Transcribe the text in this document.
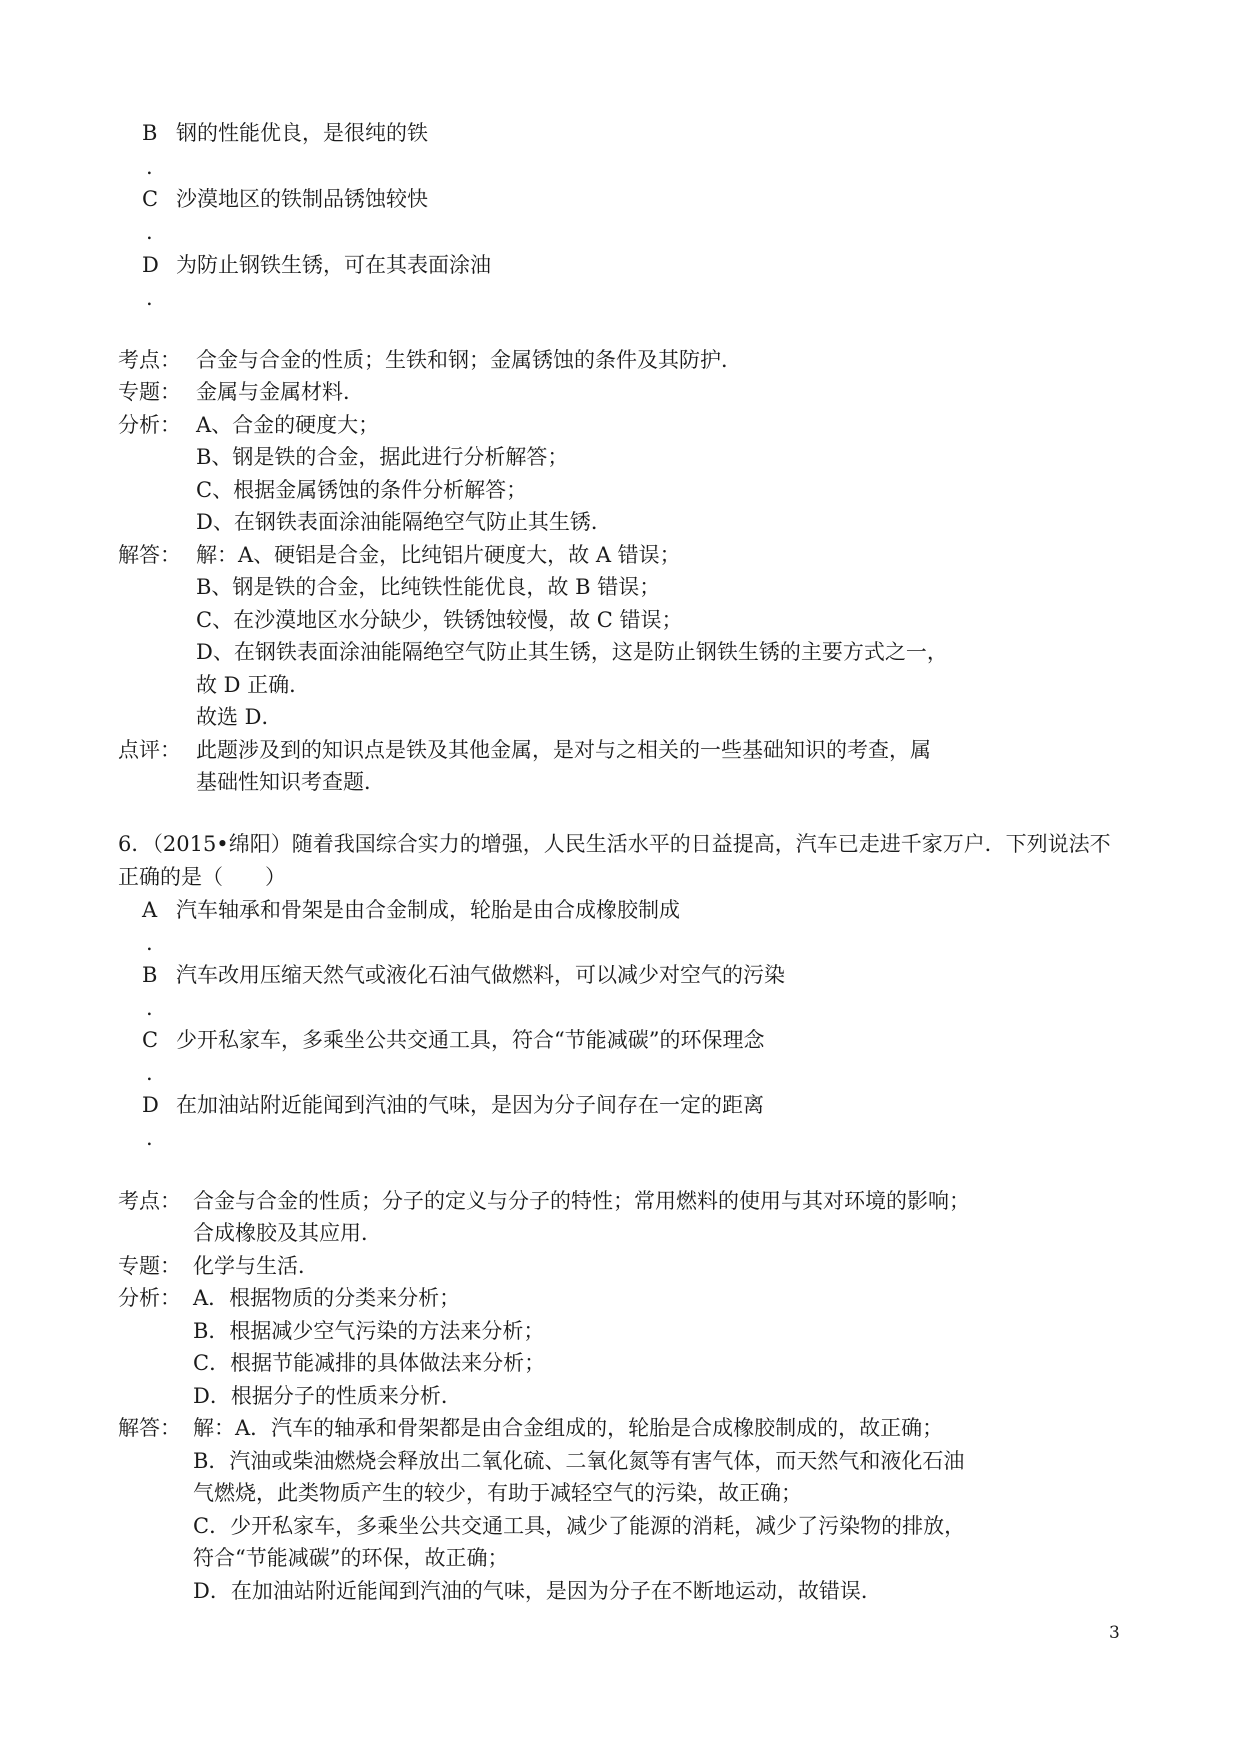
B 钢的性能优良，是很纯的铁
.
C 沙漠地区的铁制品锈蚀较快
.
D 为防止钢铁生锈，可在其表面涂油
.
考点： 合金与合金的性质；生铁和钢；金属锈蚀的条件及其防护．
专题： 金属与金属材料．
分析： A、合金的硬度大；
B、钢是铁的合金，据此进行分析解答；
C、根据金属锈蚀的条件分析解答；
D、在钢铁表面涂油能隔绝空气防止其生锈．
解答： 解：A、硬铝是合金，比纯铝片硬度大，故 A 错误；
B、钢是铁的合金，比纯铁性能优良，故 B 错误；
C、在沙漠地区水分缺少，铁锈蚀较慢，故 C 错误；
D、在钢铁表面涂油能隔绝空气防止其生锈，这是防止钢铁生锈的主要方式之一，
故 D 正确．
故选 D．
点评： 此题涉及到的知识点是铁及其他金属，是对与之相关的一些基础知识的考查，属
基础性知识考查题．
6．（2015•绵阳）随着我国综合实力的增强，人民生活水平的日益提高，汽车已走进千家万户．下列说法不
正确的是（　　）
A 汽车轴承和骨架是由合金制成，轮胎是由合成橡胶制成
.
B 汽车改用压缩天然气或液化石油气做燃料，可以减少对空气的污染
.
C 少开私家车，多乘坐公共交通工具，符合“节能减碳”的环保理念
.
D 在加油站附近能闻到汽油的气味，是因为分子间存在一定的距离
.
考点： 合金与合金的性质；分子的定义与分子的特性；常用燃料的使用与其对环境的影响；
合成橡胶及其应用．
专题： 化学与生活．
分析： A．根据物质的分类来分析；
B．根据减少空气污染的方法来分析；
C．根据节能减排的具体做法来分析；
D．根据分子的性质来分析．
解答： 解：A．汽车的轴承和骨架都是由合金组成的，轮胎是合成橡胶制成的，故正确；
B．汽油或柴油燃烧会释放出二氧化硫、二氧化氮等有害气体，而天然气和液化石油
气燃烧，此类物质产生的较少，有助于减轻空气的污染，故正确；
C．少开私家车，多乘坐公共交通工具，减少了能源的消耗，减少了污染物的排放，
符合“节能减碳”的环保，故正确；
D．在加油站附近能闻到汽油的气味，是因为分子在不断地运动，故错误．
3
